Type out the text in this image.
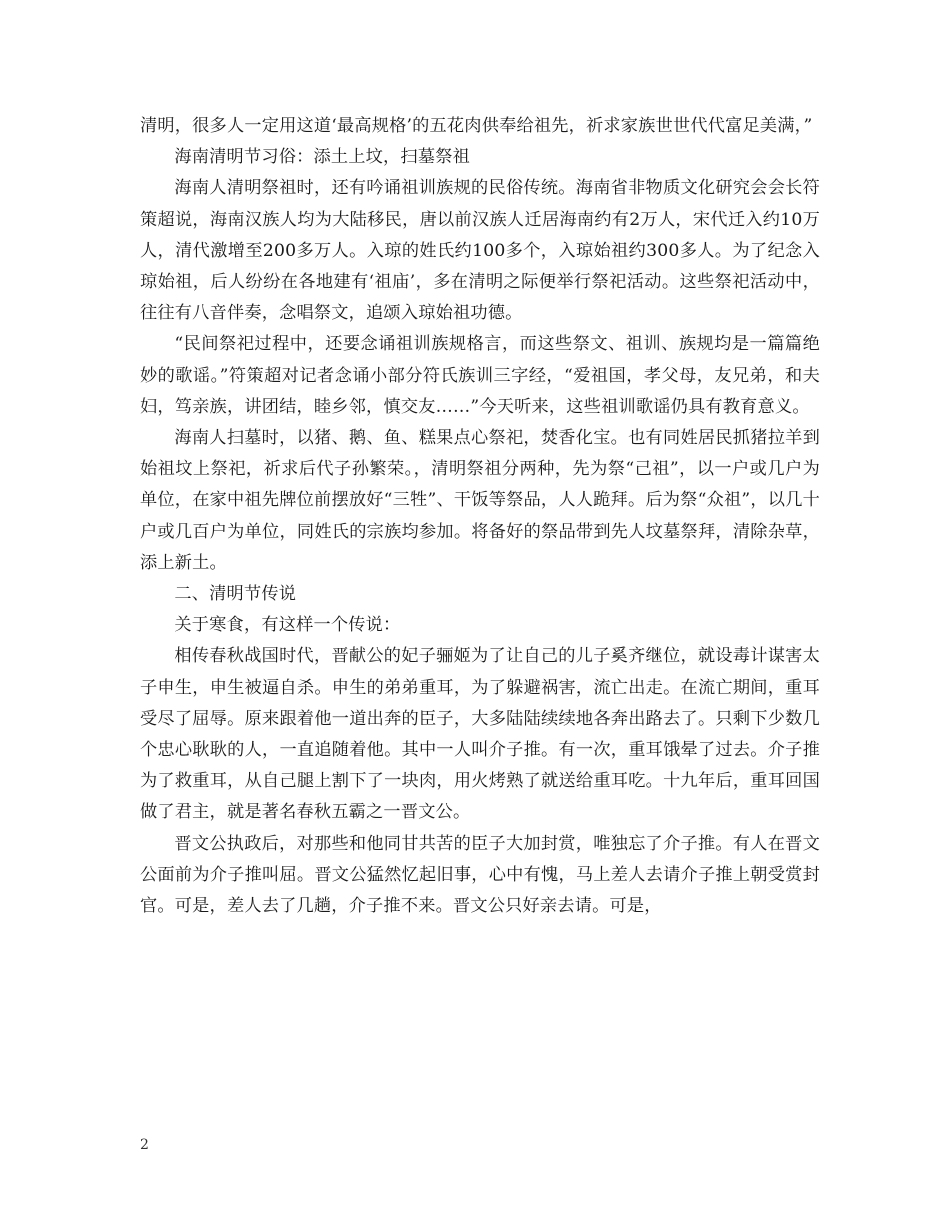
清明，很多人一定用这道‘最高规格’的五花肉供奉给祖先，祈求家族世世代代富足美满，”

海南清明节习俗：添土上坟，扫墓祭祖

海南人清明祭祖时，还有吟诵祖训族规的民俗传统。海南省非物质文化研究会会长符策超说，海南汉族人均为大陆移民，唐以前汉族人迁居海南约有2万人，宋代迁入约10万人，清代激增至200多万人。入琼的姓氏约100多个，入琼始祖约300多人。为了纪念入琼始祖，后人纷纷在各地建有‘祖庙’，多在清明之际便举行祭祀活动。这些祭祀活动中，往往有八音伴奏，念唱祭文，追颂入琼始祖功德。

“民间祭祀过程中，还要念诵祖训族规格言，而这些祭文、祖训、族规均是一篇篇绝妙的歌谣。”符策超对记者念诵小部分符氏族训三字经，“爱祖国，孝父母，友兄弟，和夫妇，笃亲族，讲团结，睦乡邻，慎交友……”今天听来，这些祖训歌谣仍具有教育意义。

海南人扫墓时，以猪、鹅、鱼、糕果点心祭祀，焚香化宝。也有同姓居民抓猪拉羊到始祖坟上祭祀，祈求后代子孙繁荣。，清明祭祖分两种，先为祭“己祖”，以一户或几户为单位，在家中祖先牌位前摆放好“三牲”、干饭等祭品，人人跪拜。后为祭“众祖”，以几十户或几百户为单位，同姓氏的宗族均参加。将备好的祭品带到先人坟墓祭拜，清除杂草，添上新土。

二、清明节传说

关于寒食，有这样一个传说：

相传春秋战国时代，晋献公的妃子骊姬为了让自己的儿子奚齐继位，就设毒计谋害太子申生，申生被逼自杀。申生的弟弟重耳，为了躲避祸害，流亡出走。在流亡期间，重耳受尽了屈辱。原来跟着他一道出奔的臣子，大多陆陆续续地各奔出路去了。只剩下少数几个忠心耿耿的人，一直追随着他。其中一人叫介子推。有一次，重耳饿晕了过去。介子推为了救重耳，从自己腿上割下了一块肉，用火烤熟了就送给重耳吃。十九年后，重耳回国做了君主，就是著名春秋五霸之一晋文公。

晋文公执政后，对那些和他同甘共苦的臣子大加封赏，唯独忘了介子推。有人在晋文公面前为介子推叫屈。晋文公猛然忆起旧事，心中有愧，马上差人去请介子推上朝受赏封官。可是，差人去了几趟，介子推不来。晋文公只好亲去请。可是，

2
